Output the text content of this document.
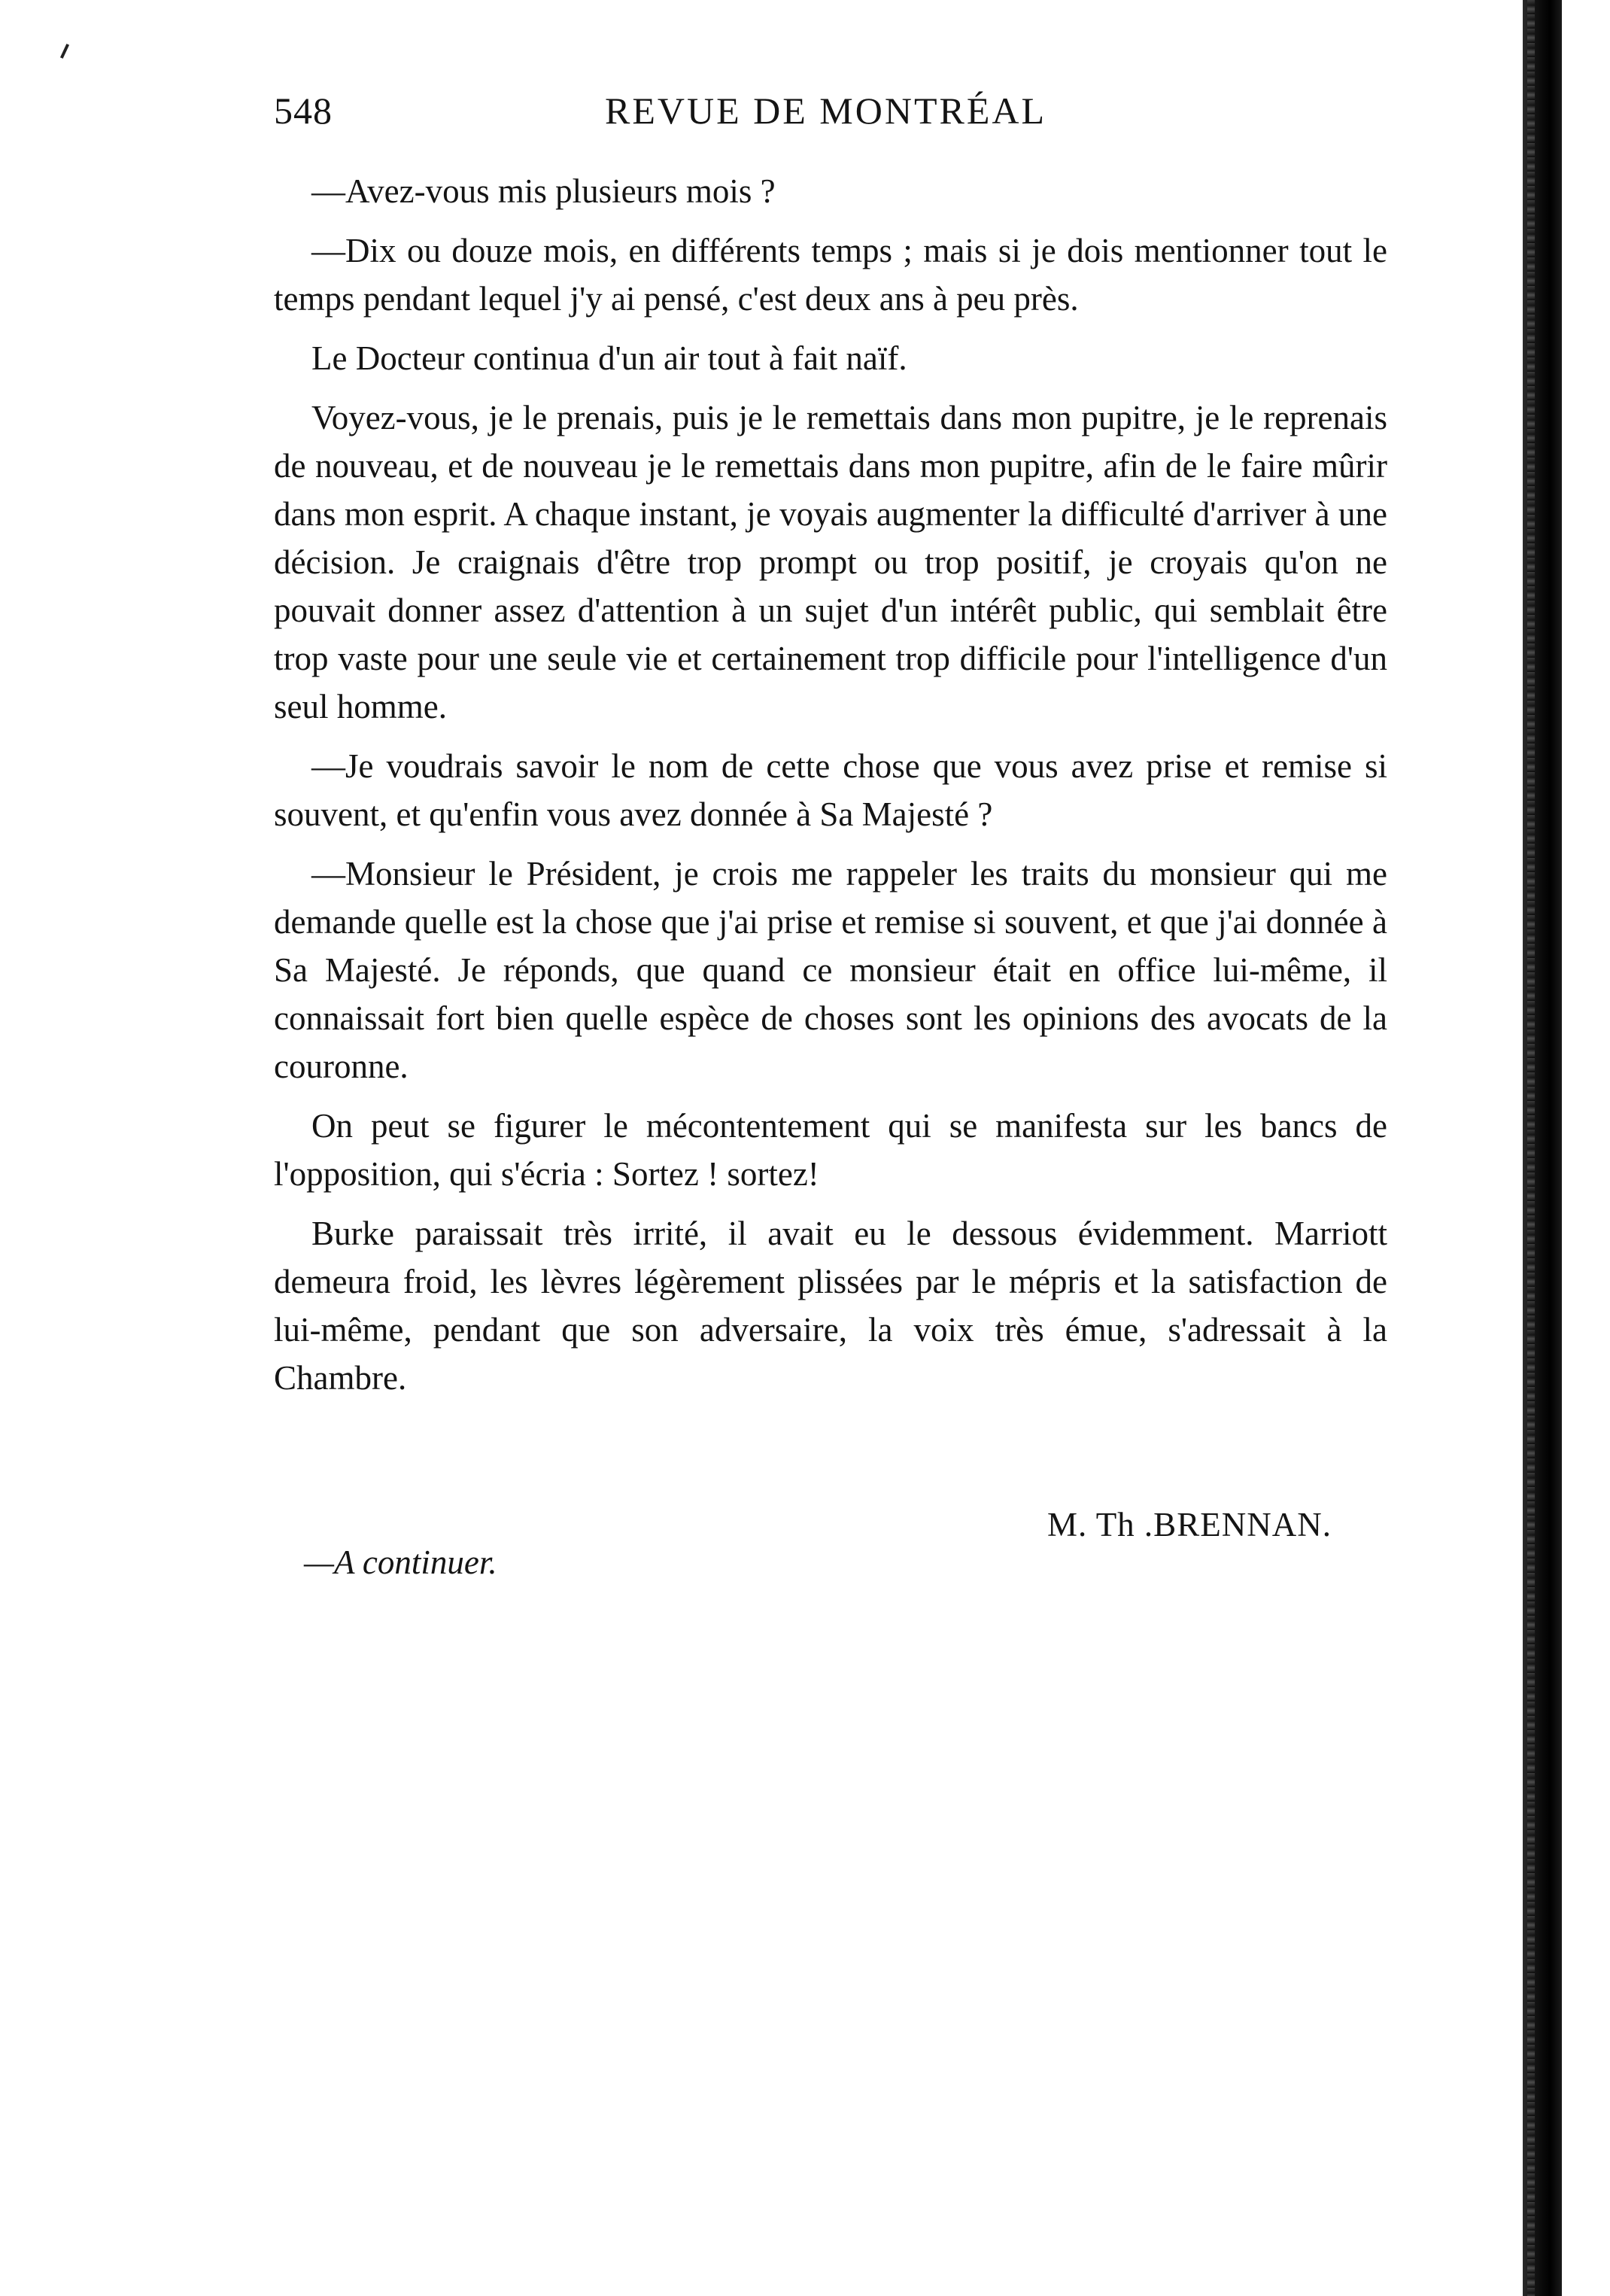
548	REVUE DE MONTRÉAL

—Avez-vous mis plusieurs mois ?

—Dix ou douze mois, en différents temps ; mais si je dois mentionner tout le temps pendant lequel j'y ai pensé, c'est deux ans à peu près.

Le Docteur continua d'un air tout à fait naïf.

Voyez-vous, je le prenais, puis je le remettais dans mon pupitre, je le reprenais de nouveau, et de nouveau je le remettais dans mon pupitre, afin de le faire mûrir dans mon esprit. A chaque instant, je voyais augmenter la difficulté d'arriver à une décision. Je craignais d'être trop prompt ou trop positif, je croyais qu'on ne pouvait donner assez d'attention à un sujet d'un intérêt public, qui semblait être trop vaste pour une seule vie et certainement trop difficile pour l'intelligence d'un seul homme.

—Je voudrais savoir le nom de cette chose que vous avez prise et remise si souvent, et qu'enfin vous avez donnée à Sa Majesté ?

—Monsieur le Président, je crois me rappeler les traits du monsieur qui me demande quelle est la chose que j'ai prise et remise si souvent, et que j'ai donnée à Sa Majesté. Je réponds, que quand ce monsieur était en office lui-même, il connaissait fort bien quelle espèce de choses sont les opinions des avocats de la couronne.

On peut se figurer le mécontentement qui se manifesta sur les bancs de l'opposition, qui s'écria : Sortez ! sortez!

Burke paraissait très irrité, il avait eu le dessous évidemment. Marriott demeura froid, les lèvres légèrement plissées par le mépris et la satisfaction de lui-même, pendant que son adversaire, la voix très émue, s'adressait à la Chambre.

M. Th .BRENNAN.
—A continuer.
